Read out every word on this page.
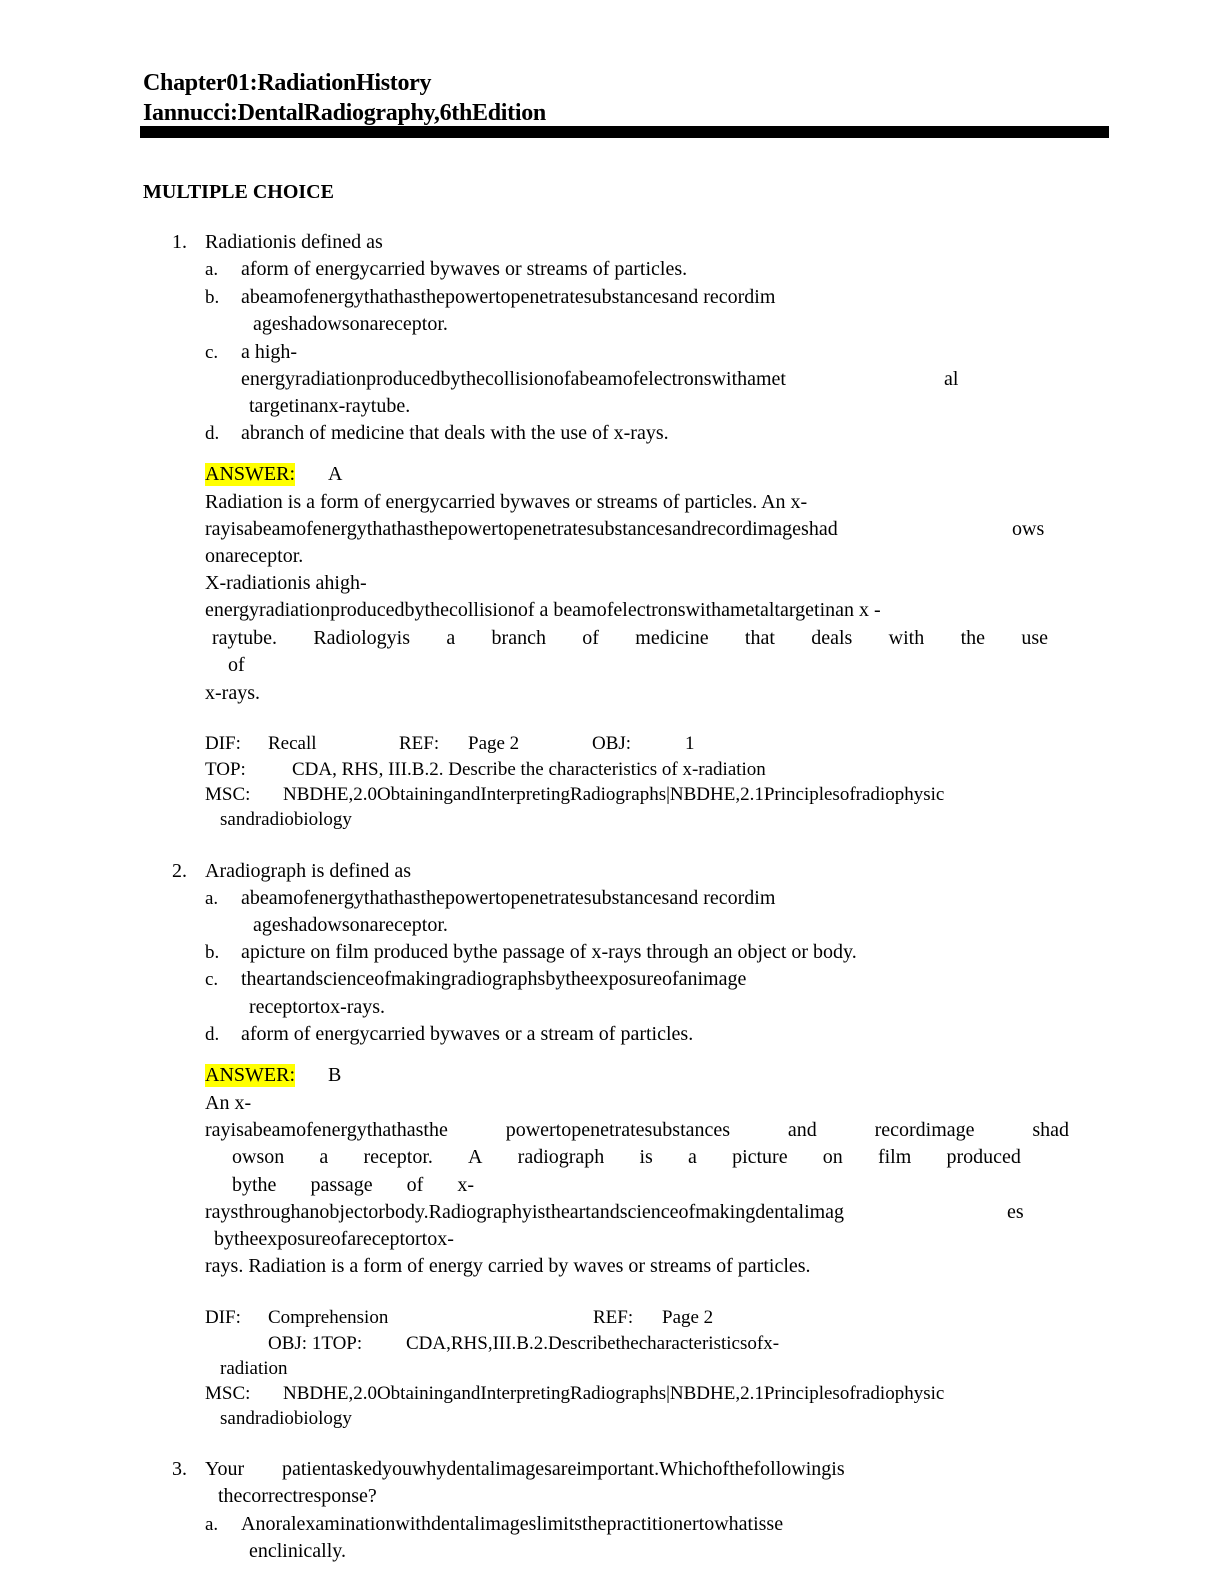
Chapter01:RadiationHistory
Iannucci:DentalRadiography,6thEdition
MULTIPLE CHOICE
1. Radiationis defined as
a. aform of energycarried bywaves or streams of particles.
b. abeamofenergythathasthepowertopenetratesubstancesand recordim
ageshadowsonareceptor.
c. a high-
energyradiationproducedbythecollisionofabeamofelectronswithamet	al
targetinanx-raytube.
d. abranch of medicine that deals with the use of x-rays.
ANSWER: A
Radiation is a form of energycarried bywaves or streams of particles. An x-
rayisabeamofenergythathasthepowertopenetratesubstancesandrecordimageshad	ows
onareceptor.
X-radiationis ahigh-
energyradiationproducedbythecollisionof a beamofelectronswithametaltargetinan x -
raytube. Radiologyis a branch of medicine that deals with the use
of
x-rays.
DIF: Recall	REF: Page 2	OBJ:	1
TOP: CDA, RHS, III.B.2. Describe the characteristics of x-radiation
MSC: NBDHE,2.0ObtainingandInterpretingRadiographs|NBDHE,2.1Principlesofradiophysic
sandradiobiology
2. Aradiograph is defined as
a. abeamofenergythathasthepowertopenetratesubstancesand recordim
ageshadowsonareceptor.
b. apicture on film produced bythe passage of x-rays through an object or body.
c. theartandscienceofmakingradiographsbytheexposureofanimage
receptortox-rays.
d. aform of energycarried bywaves or a stream of particles.
ANSWER: B
An x-
rayisabeamofenergythathasthe	powertopenetratesubstances	and	recordimage	shad
owson a receptor. A radiograph is a picture on film produced
bythe passage of x-
raysthroughanobjectorbody.Radiographyistheartandscienceofmakingdentalimag	es
bytheexposureofareceptortox-
rays. Radiation is a form of energy carried by waves or streams of particles.
DIF: Comprehension	REF: Page 2
OBJ: 1TOP: CDA,RHS,III.B.2.Describethecharacteristicsofx-
radiation
MSC: NBDHE,2.0ObtainingandInterpretingRadiographs|NBDHE,2.1Principlesofradiophysic
sandradiobiology
3. Your patientaskedyouwhydentalimagesareimportant.Whichofthefollowingis
thecorrectresponse?
a. Anoralexaminationwithdentalimageslimitsthepractitionertowhatisse
enclinically.
